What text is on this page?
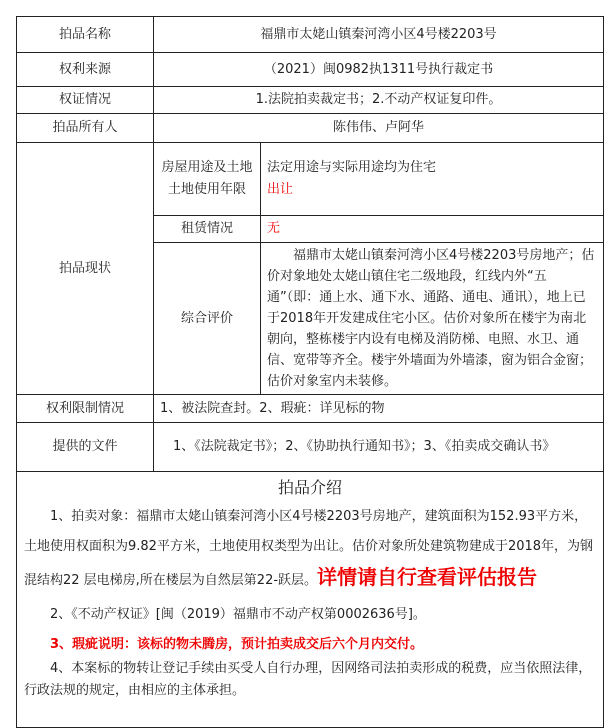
拍品名称	福鼎市太姥山镇秦河湾小区4号楼2203号	
权利来源	（2021）闽0982执1311号执行裁定书	
权证情况	1.法院拍卖裁定书；2.不动产权证复印件。	
拍品所有人	陈伟伟、卢阿华	
拍品现状	房屋用途及土地土地使用年限	法定用途与实际用途均为住宅
出让

	租赁情况	无
	综合评价	福鼎市太姥山镇秦河湾小区4号楼2203号房地产；估价对象地处太姥山镇住宅二级地段，红线内外“五通”（即：通上水、通下水、通路、通电、通讯），地上已于2018年开发建成住宅小区。估价对象所在楼宇为南北朝向，整栋楼宇内设有电梯及消防梯、电照、水卫、通信、宽带等齐全。楼宇外墙面为外墙漆，窗为铝合金窗；估价对象室内未装修。
权利限制情况	1、被法院查封。2、瑕疵：详见标的物	
提供的文件	1、《法院裁定书》；2、《协助执行通知书》；3、《拍卖成交确认书》	
拍品介绍

1、拍卖对象：福鼎市太姥山镇秦河湾小区4号楼2203号房地产，建筑面积为152.93平方米，土地使用权面积为9.82平方米，土地使用权类型为出让。估价对象所处建筑物建成于2018年，为钢混结构22 层电梯房,所在楼层为自然层第22-跃层。详情请自行查看评估报告

2、《不动产权证》[闽（2019）福鼎市不动产权第0002636号]。

3、瑕疵说明：该标的物未腾房，预计拍卖成交后六个月内交付。

4、本案标的物转让登记手续由买受人自行办理，因网络司法拍卖形成的税费，应当依照法律，行政法规的规定，由相应的主体承担。
